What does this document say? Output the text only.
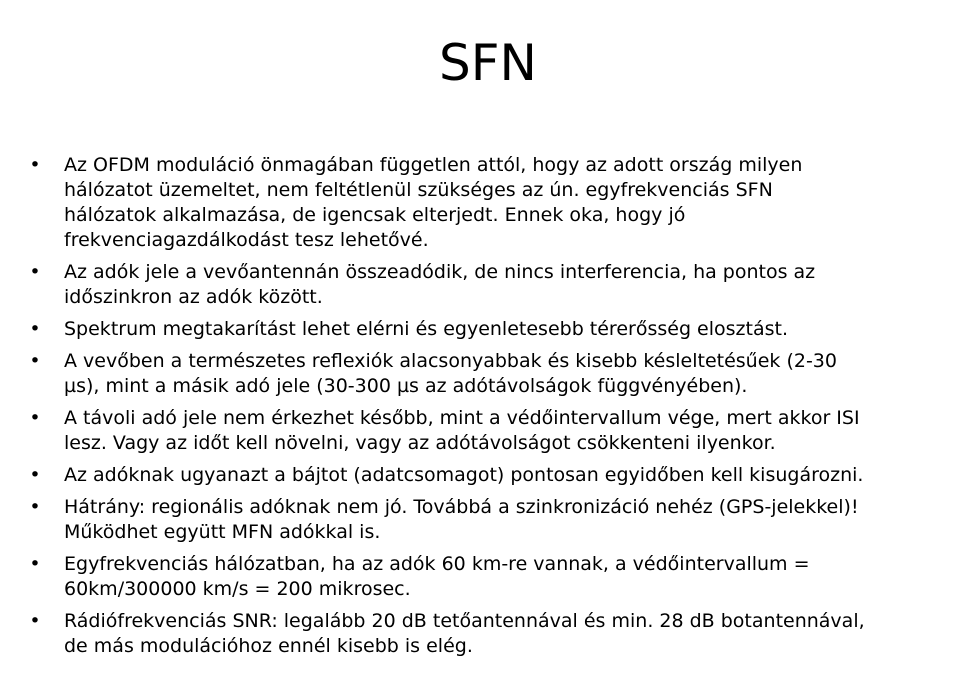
SFN
• Az OFDM moduláció önmagában független attól, hogy az adott ország milyen
hálózatot üzemeltet, nem feltétlenül szükséges az ún. egyfrekvenciás SFN
hálózatok alkalmazása, de igencsak elterjedt. Ennek oka, hogy jó
frekvenciagazdálkodást tesz lehetővé.
• Az adók jele a vevőantennán összeadódik, de nincs interferencia, ha pontos az
időszinkron az adók között.
• Spektrum megtakarítást lehet elérni és egyenletesebb térerősség elosztást.
• A vevőben a természetes reflexiók alacsonyabbak és kisebb késleltetésűek (2-30
µs), mint a másik adó jele (30-300 µs az adótávolságok függvényében).
• A távoli adó jele nem érkezhet később, mint a védőintervallum vége, mert akkor ISI
lesz. Vagy az időt kell növelni, vagy az adótávolságot csökkenteni ilyenkor.
• Az adóknak ugyanazt a bájtot (adatcsomagot) pontosan egyidőben kell kisugározni.
• Hátrány: regionális adóknak nem jó. Továbbá a szinkronizáció nehéz (GPS-jelekkel)!
Működhet együtt MFN adókkal is.
• Egyfrekvenciás hálózatban, ha az adók 60 km-re vannak, a védőintervallum =
60km/300000 km/s = 200 mikrosec.
• Rádiófrekvenciás SNR: legalább 20 dB tetőantennával és min. 28 dB botantennával,
de más modulációhoz ennél kisebb is elég.
